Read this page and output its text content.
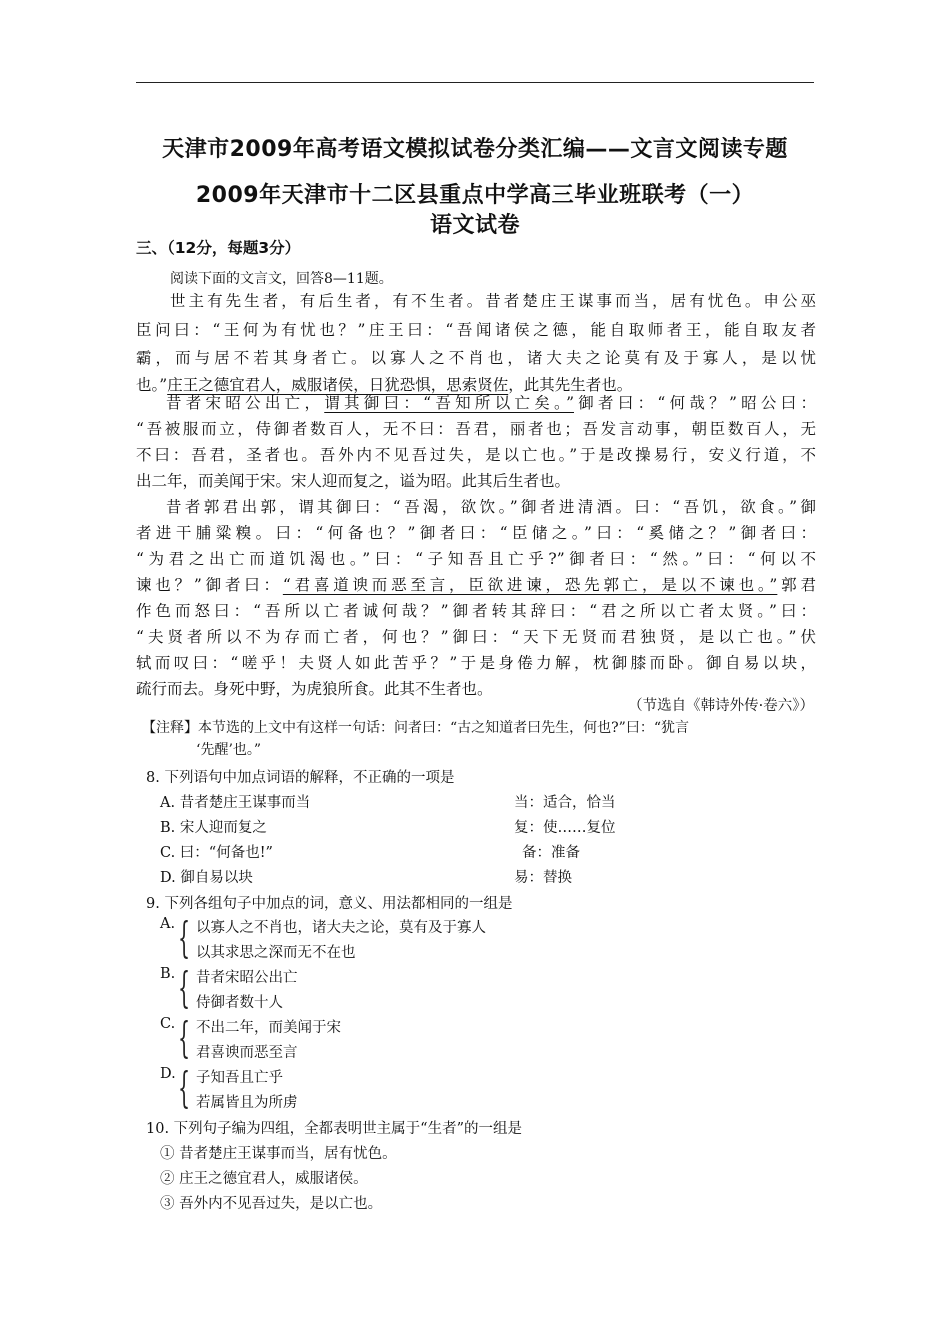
天津市2009年高考语文模拟试卷分类汇编——文言文阅读专题
2009年天津市十二区县重点中学高三毕业班联考（一）
语文试卷
三、（12分，每题3分）
阅读下面的文言文，回答8—11题。
世主有先生者，有后生者，有不生者。昔者楚庄王谋事而当，居有忧色。申公巫
臣问曰：“王何为有忧也？”庄王曰：“吾闻诸侯之德，能自取师者王，能自取友者
霸，而与居不若其身者亡。以寡人之不肖也，诸大夫之论莫有及于寡人，是以忧
也。”庄王之德宜君人，威服诸侯，日犹恐惧，思索贤佐，此其先生者也。
昔者宋昭公出亡，谓其御曰：“吾知所以亡矣。”御者曰：“何哉？”昭公曰：
“吾被服而立，侍御者数百人，无不曰：吾君，丽者也；吾发言动事，朝臣数百人，无
不曰：吾君，圣者也。吾外内不见吾过失，是以亡也。”于是改操易行，安义行道，不
出二年，而美闻于宋。宋人迎而复之，谥为昭。此其后生者也。
昔者郭君出郭，谓其御曰：“吾渴，欲饮。”御者进清酒。曰：“吾饥，欲食。”御
者进干脯粱糗。曰：“何备也？”御者曰：“臣储之。”曰：“奚储之？”御者曰：
“为君之出亡而道饥渴也。”曰：“子知吾且亡乎?”御者曰：“然。”曰：“何以不
谏也？”御者曰：“君喜道谀而恶至言，臣欲进谏，恐先郭亡，是以不谏也。”郭君
作色而怒曰：“吾所以亡者诚何哉？”御者转其辞曰：“君之所以亡者太贤。”曰：
“夫贤者所以不为存而亡者，何也？”御曰：“天下无贤而君独贤，是以亡也。”伏
轼而叹曰：“嗟乎！夫贤人如此苦乎？”于是身倦力解，枕御膝而卧。御自易以块，
疏行而去。身死中野，为虎狼所食。此其不生者也。
（节选自《韩诗外传·卷六》）
【注释】本节选的上文中有这样一句话：问者曰：“古之知道者曰先生，何也?”曰：“犹言
‘先醒’也。”
8. 下列语句中加点词语的解释，不正确的一项是
A. 昔者楚庄王谋事而当	当：适合，恰当
B. 宋人迎而复之	复：使……复位
C. 曰：“何备也!”	备：准备
D. 御自易以块	易：替换
9. 下列各组句子中加点的词，意义、用法都相同的一组是
A. { 以寡人之不肖也，诸大夫之论，莫有及于寡人
以其求思之深而无不在也
B. { 昔者宋昭公出亡
侍御者数十人
C. { 不出二年，而美闻于宋
君喜谀而恶至言
D. { 子知吾且亡乎
若属皆且为所虏
10. 下列句子编为四组，全都表明世主属于“生者”的一组是
① 昔者楚庄王谋事而当，居有忧色。
② 庄王之德宜君人，威服诸侯。
③ 吾外内不见吾过失，是以亡也。
